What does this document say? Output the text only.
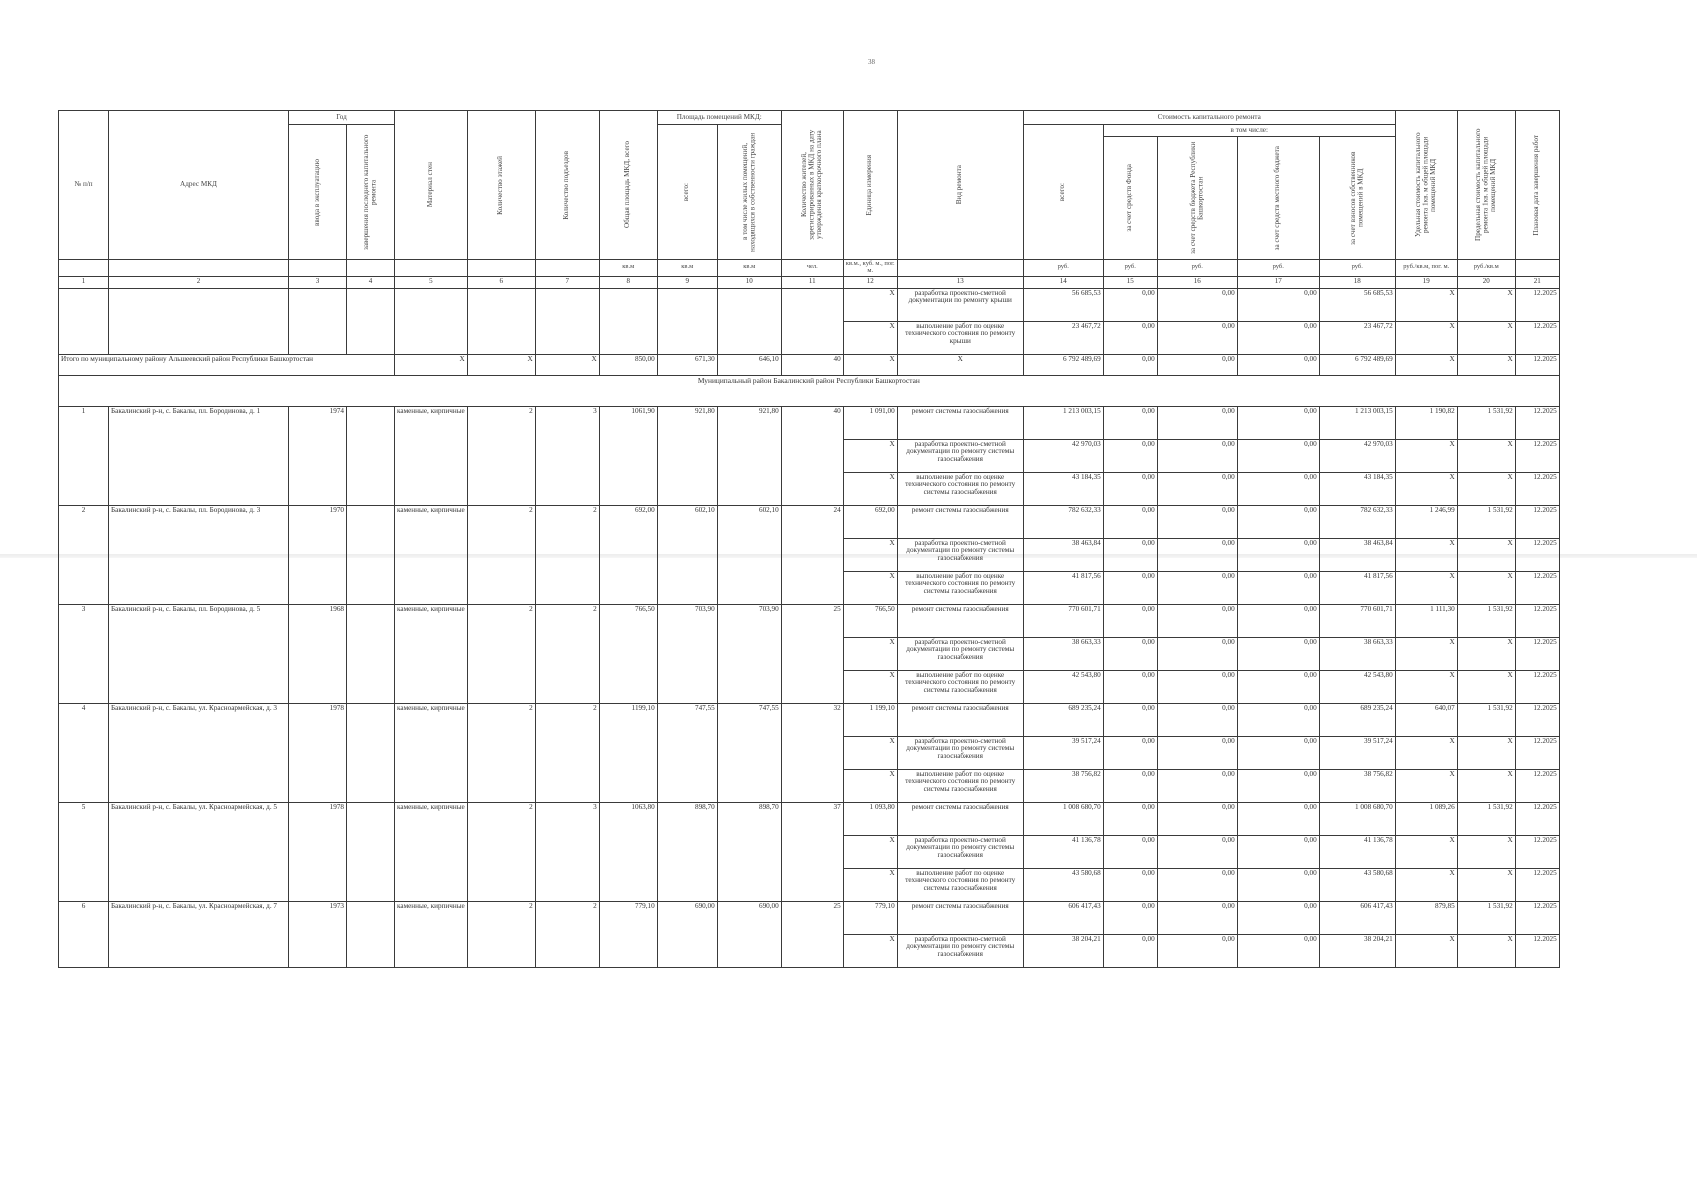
38
№ п/п	Адрес МКД	Год		Материал стен	Количество этажей	Количество подъездов	Общая площадь МКД, всего	Площадь помещений МКД:		Количество жителей, зарегистрированных в МКД на дату утверждения краткосрочного плана	Единица измерения	Вид ремонта	Стоимость капитального ремонта					Удельная стоимость капитального ремонта 1кв. м общей площади помещений МКД	Предельная стоимость капитального ремонта 1кв. м общей площади помещений МКД	Плановая дата завершения работ

		ввода в эксплуатацию	завершения последнего капитального ремонта					всего:	в том числе жилых помещений, находящихся в собственности граждан				всего:	в том числе:						

														за счет средств Фонда	за счет средств бюджета Республики Башкортостан	за счет средств местного бюджета	за счет взносов собственников помещений в МКД			

							кв.м	кв.м	кв.м	чел.	кв.м., куб. м., пог. м.		руб.	руб.	руб.	руб.	руб.	руб./кв.м, пог. м.	руб./кв.м	
1	2	3	4	5	6	7	8	9	10	11	12	13	14	15	16	17	18	19	20	21
											X	разработка проектно-сметной документации по ремонту крыши	56 685,53	0,00	0,00	0,00	56 685,53	X	X	12.2025
											X	выполнение работ по оценке технического состояния по ремонту крыши	23 467,72	0,00	0,00	0,00	23 467,72	X	X	12.2025
Итого по муниципальному району Альшеевский район Республики Башкортостан				X	X	X	850,00	671,30	646,10	40	X	X	6 792 489,69	0,00	0,00	0,00	6 792 489,69	X	X	12.2025
Муниципальный район Бакалинский район Республики Башкортостан																				
1	Бакалинский р-н, с. Бакалы, пл. Бородинова, д. 1	1974		каменные, кирпичные	2	3	1061,90	921,80	921,80	40	1 091,00	ремонт системы газоснабжения	1 213 003,15	0,00	0,00	0,00	1 213 003,15	1 190,82	1 531,92	12.2025
											X	разработка проектно-сметной документации по ремонту системы газоснабжения	42 970,03	0,00	0,00	0,00	42 970,03	X	X	12.2025
											X	выполнение работ по оценке технического состояния по ремонту системы газоснабжения	43 184,35	0,00	0,00	0,00	43 184,35	X	X	12.2025
2	Бакалинский р-н, с. Бакалы, пл. Бородинова, д. 3	1970		каменные, кирпичные	2	2	692,00	602,10	602,10	24	692,00	ремонт системы газоснабжения	782 632,33	0,00	0,00	0,00	782 632,33	1 246,99	1 531,92	12.2025
											X	разработка проектно-сметной документации по ремонту системы газоснабжения	38 463,84	0,00	0,00	0,00	38 463,84	X	X	12.2025
											X	выполнение работ по оценке технического состояния по ремонту системы газоснабжения	41 817,56	0,00	0,00	0,00	41 817,56	X	X	12.2025
3	Бакалинский р-н, с. Бакалы, пл. Бородинова, д. 5	1968		каменные, кирпичные	2	2	766,50	703,90	703,90	25	766,50	ремонт системы газоснабжения	770 601,71	0,00	0,00	0,00	770 601,71	1 111,30	1 531,92	12.2025
											X	разработка проектно-сметной документации по ремонту системы газоснабжения	38 663,33	0,00	0,00	0,00	38 663,33	X	X	12.2025
											X	выполнение работ по оценке технического состояния по ремонту системы газоснабжения	42 543,80	0,00	0,00	0,00	42 543,80	X	X	12.2025
4	Бакалинский р-н, с. Бакалы, ул. Красноармейская, д. 3	1978		каменные, кирпичные	2	2	1199,10	747,55	747,55	32	1 199,10	ремонт системы газоснабжения	689 235,24	0,00	0,00	0,00	689 235,24	640,07	1 531,92	12.2025
											X	разработка проектно-сметной документации по ремонту системы газоснабжения	39 517,24	0,00	0,00	0,00	39 517,24	X	X	12.2025
											X	выполнение работ по оценке технического состояния по ремонту системы газоснабжения	38 756,82	0,00	0,00	0,00	38 756,82	X	X	12.2025
5	Бакалинский р-н, с. Бакалы, ул. Красноармейская, д. 5	1978		каменные, кирпичные	2	3	1063,80	898,70	898,70	37	1 093,80	ремонт системы газоснабжения	1 008 680,70	0,00	0,00	0,00	1 008 680,70	1 089,26	1 531,92	12.2025
											X	разработка проектно-сметной документации по ремонту системы газоснабжения	41 136,78	0,00	0,00	0,00	41 136,78	X	X	12.2025
											X	выполнение работ по оценке технического состояния по ремонту системы газоснабжения	43 580,68	0,00	0,00	0,00	43 580,68	X	X	12.2025
6	Бакалинский р-н, с. Бакалы, ул. Красноармейская, д. 7	1973		каменные, кирпичные	2	2	779,10	690,00	690,00	25	779,10	ремонт системы газоснабжения	606 417,43	0,00	0,00	0,00	606 417,43	879,85	1 531,92	12.2025
											X	разработка проектно-сметной документации по ремонту системы газоснабжения	38 204,21	0,00	0,00	0,00	38 204,21	X	X	12.2025
